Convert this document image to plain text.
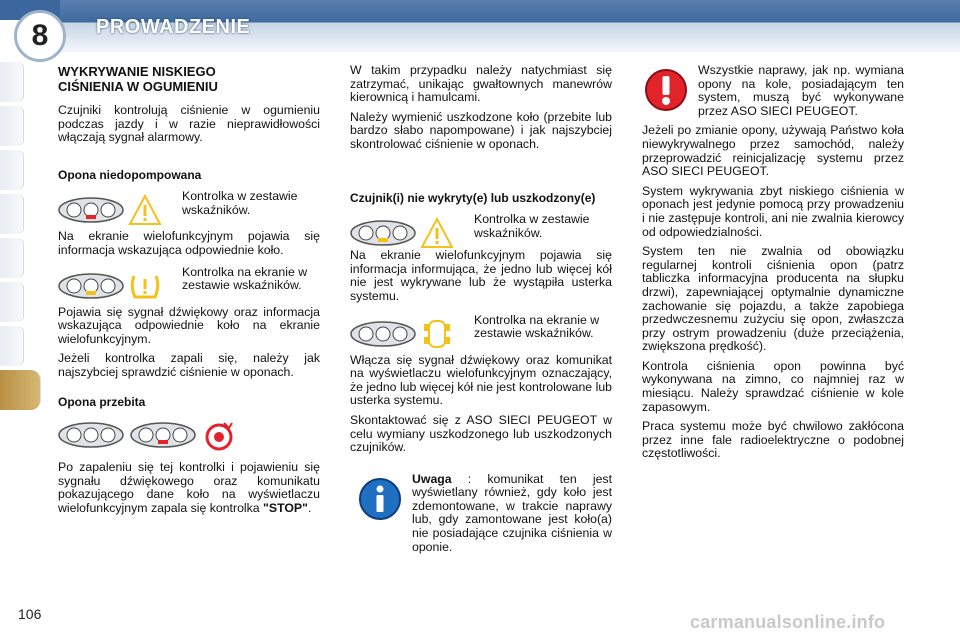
8	PROWADZENIE
WYKRYWANIE NISKIEGO
CIŚNIENIA W OGUMIENIU

Czujniki kontrolują ciśnienie w ogumieniu podczas jazdy i w razie nieprawidłowości włączają sygnał alarmowy.

Opona niedopompowana
Kontrolka w zestawie wskaźników.

Na ekranie wielofunkcyjnym pojawia się informacja wskazująca odpowiednie koło.

Kontrolka na ekranie w zestawie wskaźników.

Pojawia się sygnał dźwiękowy oraz informacja wskazująca odpowiednie koło na ekranie wielofunkcyjnym.

Jeżeli kontrolka zapali się, należy jak najszybciej sprawdzić ciśnienie w oponach.

Opona przebita

Po zapaleniu się tej kontrolki i pojawieniu się sygnału dźwiękowego oraz komunikatu pokazującego dane koło na wyświetlaczu wielofunkcyjnym zapala się kontrolka "STOP".

W takim przypadku należy natychmiast się zatrzymać, unikając gwałtownych manewrów kierownicą i hamulcami.

Należy wymienić uszkodzone koło (przebite lub bardzo słabo napompowane) i jak najszybciej skontrolować ciśnienie w oponach.

Czujnik(i) nie wykryty(e) lub uszkodzony(e)
Kontrolka w zestawie wskaźników.

Na ekranie wielofunkcyjnym pojawia się informacja informująca, że jedno lub więcej kół nie jest wykrywane lub że wystąpiła usterka systemu.

Kontrolka na ekranie w zestawie wskaźników.

Włącza się sygnał dźwiękowy oraz komunikat na wyświetlaczu wielofunkcyjnym oznaczający, że jedno lub więcej kół nie jest kontrolowane lub usterka systemu.

Skontaktować się z ASO SIECI PEUGEOT w celu wymiany uszkodzonego lub uszkodzonych czujników.

Uwaga : komunikat ten jest wyświetlany również, gdy koło jest zdemontowane, w trakcie naprawy lub, gdy zamontowane jest koło(a) nie posiadające czujnika ciśnienia w oponie.

Wszystkie naprawy, jak np. wymiana opony na kole, posiadającym ten system, muszą być wykonywane przez ASO SIECI PEUGEOT.

Jeżeli po zmianie opony, używają Państwo koła niewykrywalnego przez samochód, należy przeprowadzić reinicjalizację systemu przez ASO SIECI PEUGEOT.

System wykrywania zbyt niskiego ciśnienia w oponach jest jedynie pomocą przy prowadzeniu i nie zastępuje kontroli, ani nie zwalnia kierowcy od odpowiedzialności.

System ten nie zwalnia od obowiązku regularnej kontroli ciśnienia opon (patrz tabliczka informacyjna producenta na słupku drzwi), zapewniającej optymalnie dynamiczne zachowanie się pojazdu, a także zapobiega przedwczesnemu zużyciu się opon, zwłaszcza przy ostrym prowadzeniu (duże przeciążenia, zwiększona prędkość).

Kontrola ciśnienia opon powinna być wykonywana na zimno, co najmniej raz w miesiącu. Należy sprawdzać ciśnienie w kole zapasowym.

Praca systemu może być chwilowo zakłócona przez inne fale radioelektryczne o podobnej częstotliwości.

106	carmanualsonline.info
